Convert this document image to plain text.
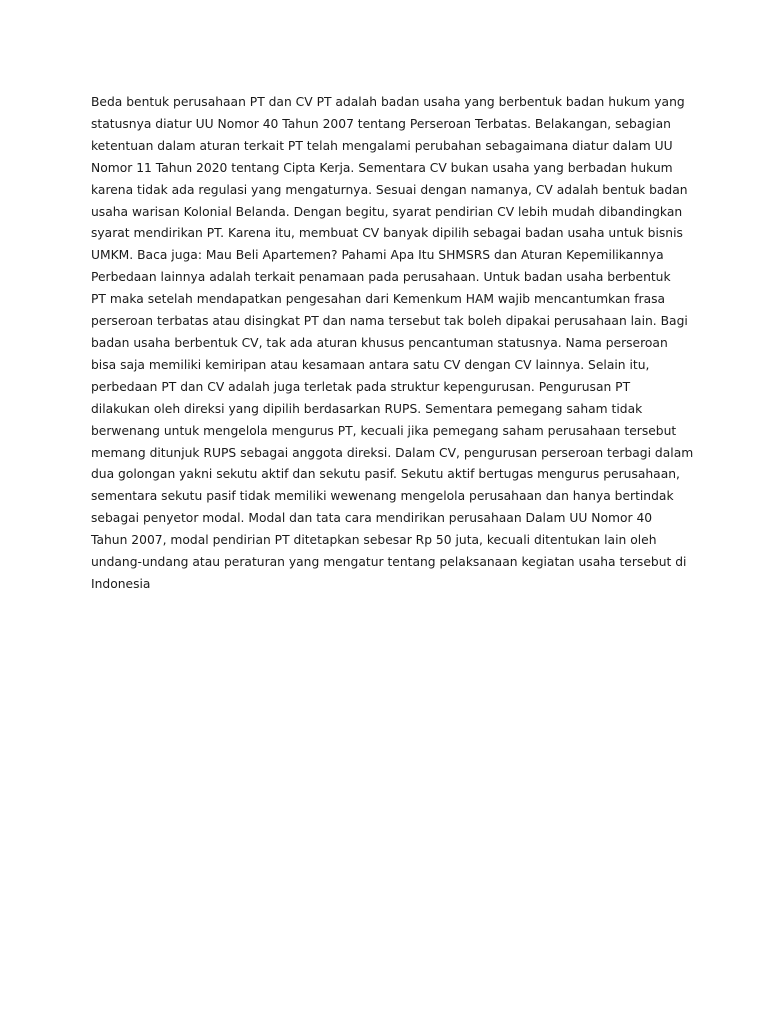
Beda bentuk perusahaan PT dan CV PT adalah badan usaha yang berbentuk badan hukum yang
statusnya diatur UU Nomor 40 Tahun 2007 tentang Perseroan Terbatas. Belakangan, sebagian
ketentuan dalam aturan terkait PT telah mengalami perubahan sebagaimana diatur dalam UU
Nomor 11 Tahun 2020 tentang Cipta Kerja. Sementara CV bukan usaha yang berbadan hukum
karena tidak ada regulasi yang mengaturnya. Sesuai dengan namanya, CV adalah bentuk badan
usaha warisan Kolonial Belanda. Dengan begitu, syarat pendirian CV lebih mudah dibandingkan
syarat mendirikan PT. Karena itu, membuat CV banyak dipilih sebagai badan usaha untuk bisnis
UMKM. Baca juga: Mau Beli Apartemen? Pahami Apa Itu SHMSRS dan Aturan Kepemilikannya
Perbedaan lainnya adalah terkait penamaan pada perusahaan. Untuk badan usaha berbentuk
PT maka setelah mendapatkan pengesahan dari Kemenkum HAM wajib mencantumkan frasa
perseroan terbatas atau disingkat PT dan nama tersebut tak boleh dipakai perusahaan lain. Bagi
badan usaha berbentuk CV, tak ada aturan khusus pencantuman statusnya. Nama perseroan
bisa saja memiliki kemiripan atau kesamaan antara satu CV dengan CV lainnya. Selain itu,
perbedaan PT dan CV adalah juga terletak pada struktur kepengurusan. Pengurusan PT
dilakukan oleh direksi yang dipilih berdasarkan RUPS. Sementara pemegang saham tidak
berwenang untuk mengelola mengurus PT, kecuali jika pemegang saham perusahaan tersebut
memang ditunjuk RUPS sebagai anggota direksi. Dalam CV, pengurusan perseroan terbagi dalam
dua golongan yakni sekutu aktif dan sekutu pasif. Sekutu aktif bertugas mengurus perusahaan,
sementara sekutu pasif tidak memiliki wewenang mengelola perusahaan dan hanya bertindak
sebagai penyetor modal. Modal dan tata cara mendirikan perusahaan Dalam UU Nomor 40
Tahun 2007, modal pendirian PT ditetapkan sebesar Rp 50 juta, kecuali ditentukan lain oleh
undang-undang atau peraturan yang mengatur tentang pelaksanaan kegiatan usaha tersebut di
Indonesia
